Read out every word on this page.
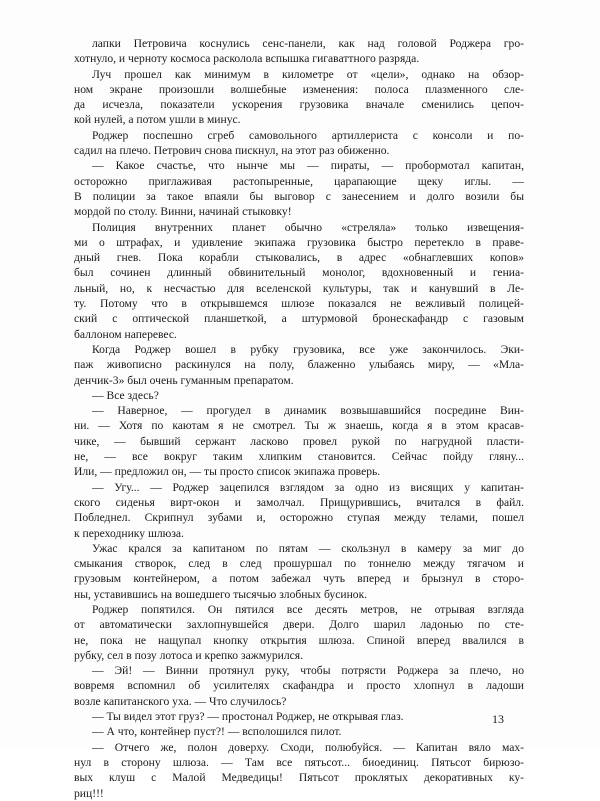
лапки Петровича коснулись сенс-панели, как над головой Роджера гро-
хотнуло, и черноту космоса расколола вспышка гигаваттного разряда.
Луч прошел как минимум в километре от «цели», однако на обзор-
ном экране произошли волшебные изменения: полоса плазменного сле-
да исчезла, показатели ускорения грузовика вначале сменились цепоч-
кой нулей, а потом ушли в минус.
Роджер поспешно сгреб самовольного артиллериста с консоли и по-
садил на плечо. Петрович снова пискнул, на этот раз обиженно.
— Какое счастье, что нынче мы — пираты, — пробормотал капитан,
осторожно приглаживая растопыренные, царапающие щеку иглы. —
В полиции за такое впаяли бы выговор с занесением и долго возили бы
мордой по столу. Винни, начинай стыковку!
Полиция внутренних планет обычно «стреляла» только извещения-
ми о штрафах, и удивление экипажа грузовика быстро перетекло в праве-
дный гнев. Пока корабли стыковались, в адрес «обнаглевших копов»
был сочинен длинный обвинительный монолог, вдохновенный и гениа-
льный, но, к несчастью для вселенской культуры, так и канувший в Ле-
ту. Потому что в открывшемся шлюзе показался не вежливый полицей-
ский с оптической планшеткой, а штурмовой бронескафандр с газовым
баллоном наперевес.
Когда Роджер вошел в рубку грузовика, все уже закончилось. Эки-
паж живописно раскинулся на полу, блаженно улыбаясь миру, — «Мла-
денчик-3» был очень гуманным препаратом.
— Все здесь?
— Наверное, — прогудел в динамик возвышавшийся посредине Вин-
ни. — Хотя по каютам я не смотрел. Ты ж знаешь, когда я в этом красав-
чике, — бывший сержант ласково провел рукой по нагрудной пласти-
не, — все вокруг таким хлипким становится. Сейчас пойду гляну...
Или, — предложил он, — ты просто список экипажа проверь.
— Угу... — Роджер зацепился взглядом за одно из висящих у капитан-
ского сиденья вирт-окон и замолчал. Прищурившись, вчитался в файл.
Побледнел. Скрипнул зубами и, осторожно ступая между телами, пошел
к переходнику шлюза.
Ужас крался за капитаном по пятам — скользнул в камеру за миг до
смыкания створок, след в след прошуршал по тоннелю между тягачом и
грузовым контейнером, а потом забежал чуть вперед и брызнул в сторо-
ны, уставившись на вошедшего тысячью злобных бусинок.
Роджер попятился. Он пятился все десять метров, не отрывая взгляда
от автоматически захлопнувшейся двери. Долго шарил ладонью по сте-
не, пока не нащупал кнопку открытия шлюза. Спиной вперед ввалился в
рубку, сел в позу лотоса и крепко зажмурился.
— Эй! — Винни протянул руку, чтобы потрясти Роджера за плечо, но
вовремя вспомнил об усилителях скафандра и просто хлопнул в ладоши
возле капитанского уха. — Что случилось?
— Ты видел этот груз? — простонал Роджер, не открывая глаз.
— А что, контейнер пуст?! — всполошился пилот.
— Отчего же, полон доверху. Сходи, полюбуйся. — Капитан вяло мах-
нул в сторону шлюза. — Там все пятьсот... биоединиц. Пятьсот бирюзо-
вых клуш с Малой Медведицы! Пятьсот проклятых декоративных ку-
риц!!!
13
